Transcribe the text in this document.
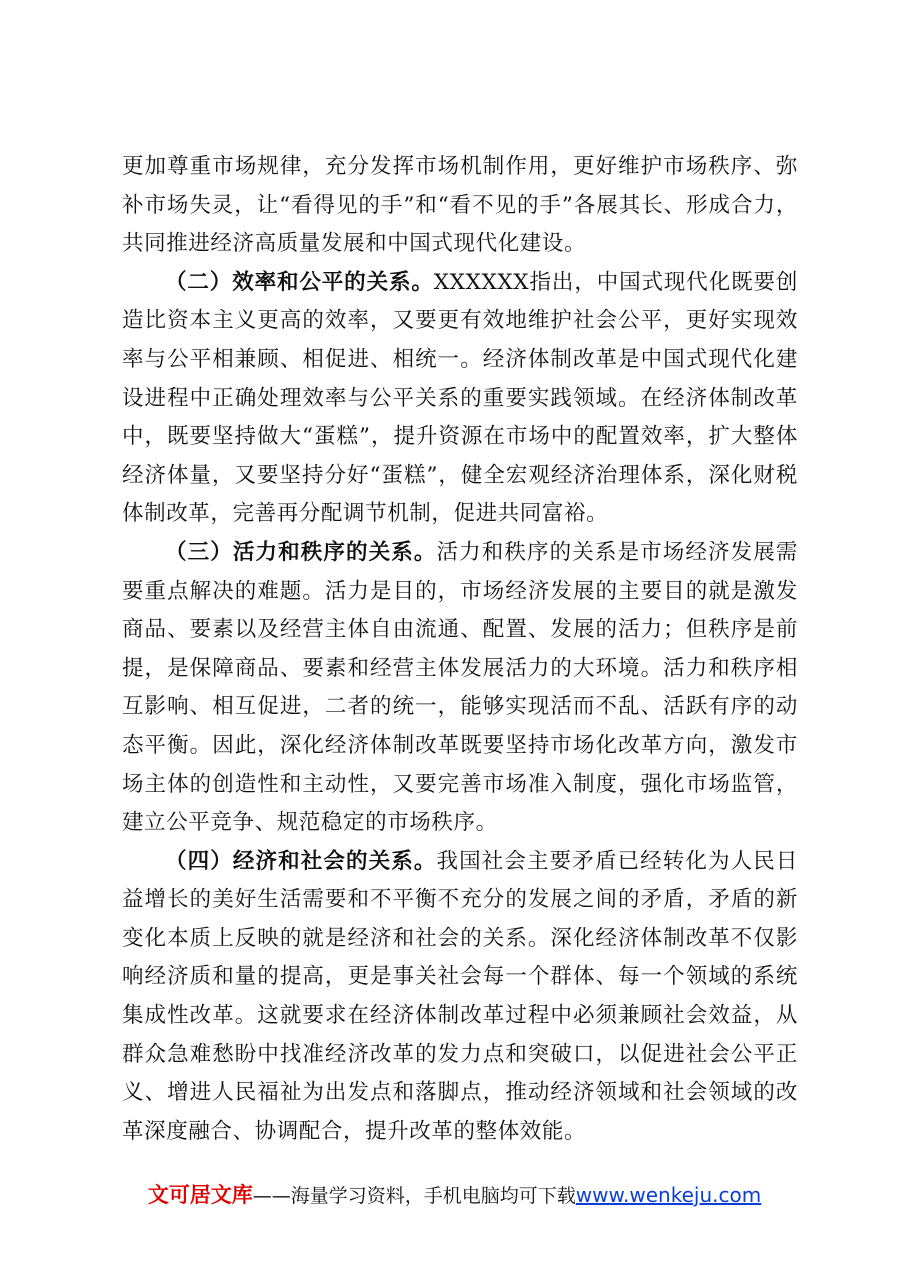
更加尊重市场规律，充分发挥市场机制作用，更好维护市场秩序、弥补市场失灵，让“看得见的手”和“看不见的手”各展其长、形成合力，共同推进经济高质量发展和中国式现代化建设。

（二）效率和公平的关系。XXXXXX指出，中国式现代化既要创造比资本主义更高的效率，又要更有效地维护社会公平，更好实现效率与公平相兼顾、相促进、相统一。经济体制改革是中国式现代化建设进程中正确处理效率与公平关系的重要实践领域。在经济体制改革中，既要坚持做大“蛋糕”，提升资源在市场中的配置效率，扩大整体经济体量，又要坚持分好“蛋糕”，健全宏观经济治理体系，深化财税体制改革，完善再分配调节机制，促进共同富裕。

（三）活力和秩序的关系。活力和秩序的关系是市场经济发展需要重点解决的难题。活力是目的，市场经济发展的主要目的就是激发商品、要素以及经营主体自由流通、配置、发展的活力；但秩序是前提，是保障商品、要素和经营主体发展活力的大环境。活力和秩序相互影响、相互促进，二者的统一，能够实现活而不乱、活跃有序的动态平衡。因此，深化经济体制改革既要坚持市场化改革方向，激发市场主体的创造性和主动性，又要完善市场准入制度，强化市场监管，建立公平竞争、规范稳定的市场秩序。

（四）经济和社会的关系。我国社会主要矛盾已经转化为人民日益增长的美好生活需要和不平衡不充分的发展之间的矛盾，矛盾的新变化本质上反映的就是经济和社会的关系。深化经济体制改革不仅影响经济质和量的提高，更是事关社会每一个群体、每一个领域的系统集成性改革。这就要求在经济体制改革过程中必须兼顾社会效益，从群众急难愁盼中找准经济改革的发力点和突破口，以促进社会公平正义、增进人民福祉为出发点和落脚点，推动经济领域和社会领域的改革深度融合、协调配合，提升改革的整体效能。

文可居文库——海量学习资料，手机电脑均可下载www.wenkeju.com
